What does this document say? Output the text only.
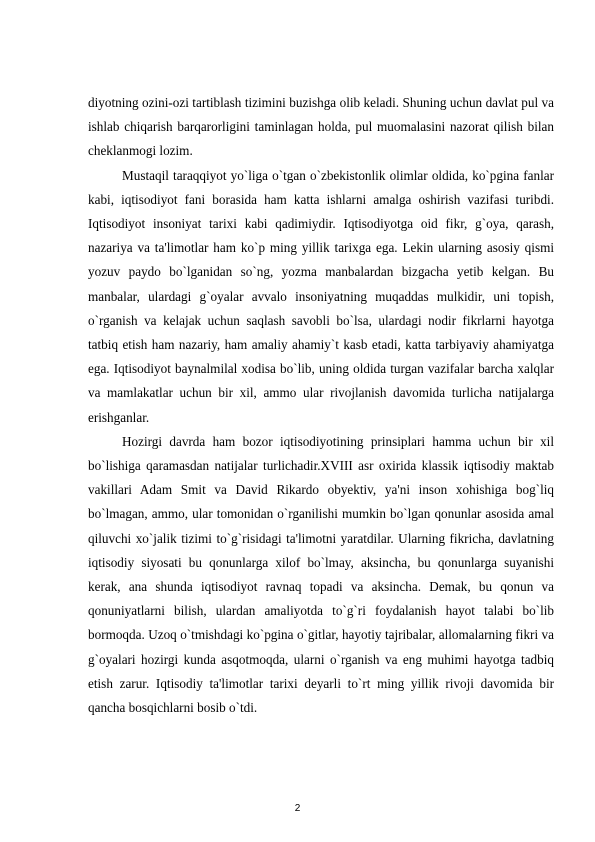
diyotning ozini-ozi tartiblash tizimini buzishga olib keladi. Shuning uchun davlat pul va ishlab chiqarish barqarorligini taminlagan holda, pul muomalasini nazorat qilish bilan cheklanmogi lozim.

Mustaqil taraqqiyot yo`liga o`tgan o`zbekistonlik olimlar oldida, ko`pgina fanlar kabi, iqtisodiyot fani borasida ham katta ishlarni amalga oshirish vazifasi turibdi. Iqtisodiyot insoniyat tarixi kabi qadimiydir. Iqtisodiyotga oid fikr, g`oya, qarash, nazariya va ta'limotlar ham ko`p ming yillik tarixga ega. Lekin ularning asosiy qismi yozuv paydo bo`lganidan so`ng, yozma manbalardan bizgacha yetib kelgan. Bu manbalar, ulardagi g`oyalar avvalo insoniyatning muqaddas mulkidir, uni topish, o`rganish va kelajak uchun saqlash savobli bo`lsa, ulardagi nodir fikrlarni hayotga tatbiq etish ham nazariy, ham amaliy ahamiy`t kasb etadi, katta tarbiyaviy ahamiyatga ega. Iqtisodiyot baynalmilal xodisa bo`lib, uning oldida turgan vazifalar barcha xalqlar va mamlakatlar uchun bir xil, ammo ular rivojlanish davomida turlicha natijalarga erishganlar.

Hozirgi davrda ham bozor iqtisodiyotining prinsiplari hamma uchun bir xil bo`lishiga qaramasdan natijalar turlichadir.XVIII asr oxirida klassik iqtisodiy maktab vakillari Adam Smit va David Rikardo obyektiv, ya'ni inson xohishiga bog`liq bo`lmagan, ammo, ular tomonidan o`rganilishi mumkin bo`lgan qonunlar asosida amal qiluvchi xo`jalik tizimi to`g`risidagi ta'limotni yaratdilar. Ularning fikricha, davlatning iqtisodiy siyosati bu qonunlarga xilof bo`lmay, aksincha, bu qonunlarga suyanishi kerak, ana shunda iqtisodiyot ravnaq topadi va aksincha. Demak, bu qonun va qonuniyatlarni bilish, ulardan amaliyotda to`g`ri foydalanish hayot talabi bo`lib bormoqda. Uzoq o`tmishdagi ko`pgina o`gitlar, hayotiy tajribalar, allomalarning fikri va g`oyalari hozirgi kunda asqotmoqda, ularni o`rganish va eng muhimi hayotga tadbiq etish zarur. Iqtisodiy ta'limotlar tarixi deyarli to`rt ming yillik rivoji davomida bir qancha bosqichlarni bosib o`tdi.

2
